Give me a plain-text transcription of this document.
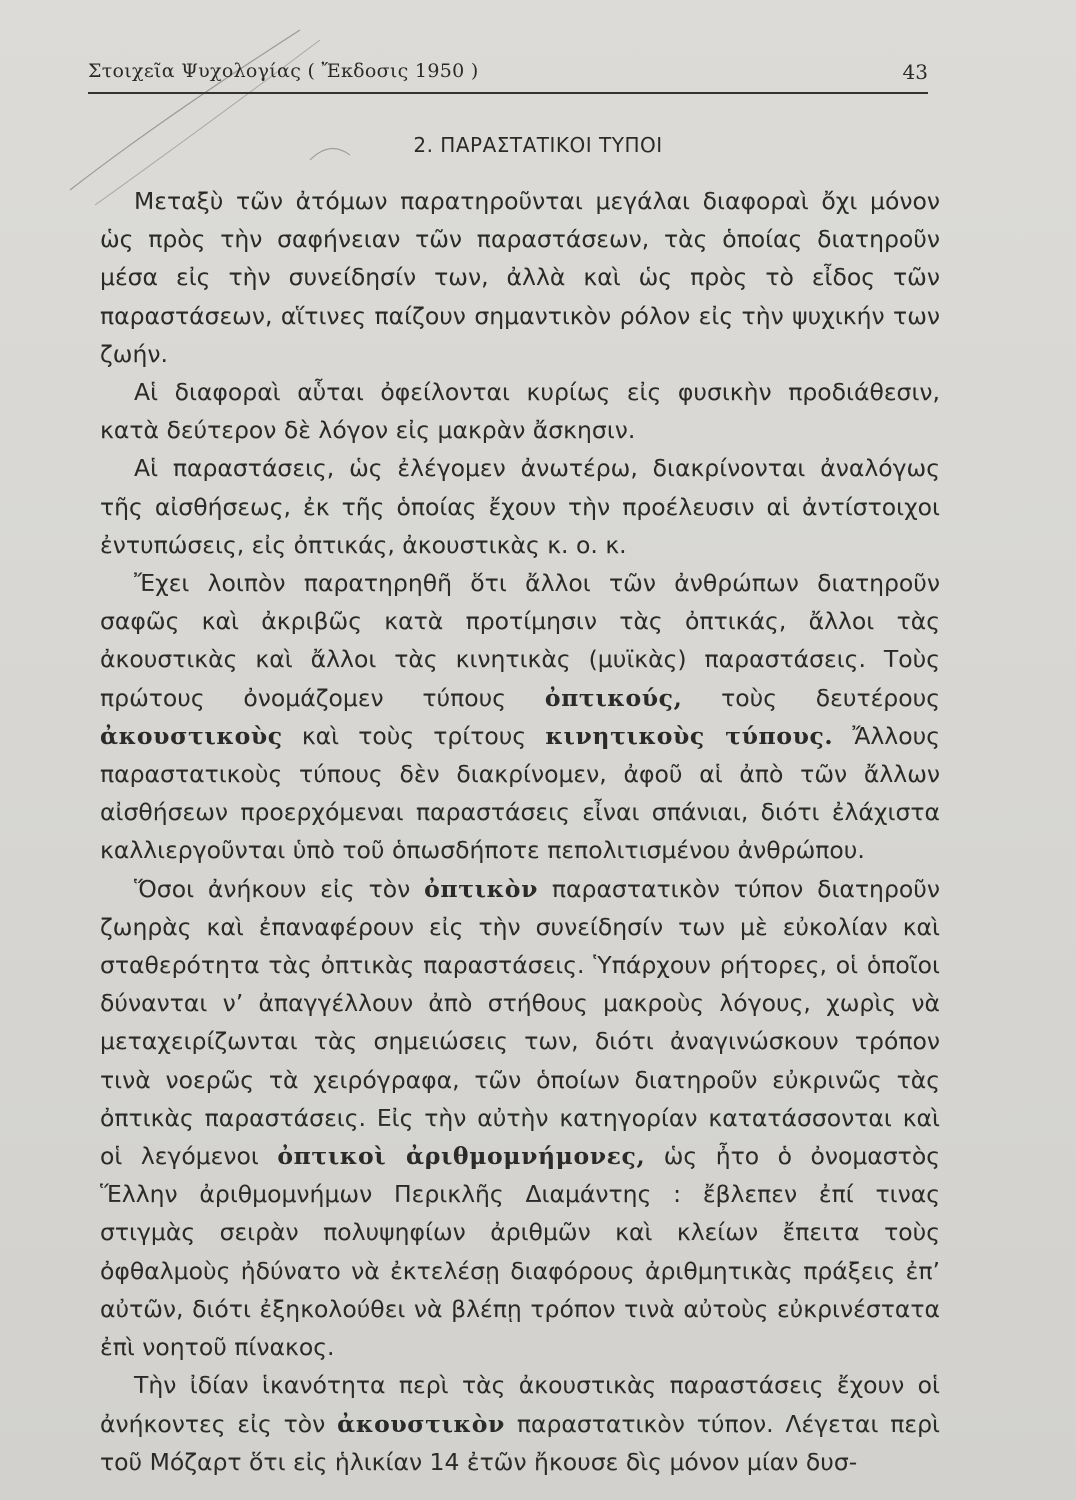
Στοιχεῖα Ψυχολογίας ( Ἔκδοσις 1950 )	43
2. ΠΑΡΑΣΤΑΤΙΚΟΙ ΤΥΠΟΙ

Μεταξὺ τῶν ἀτόμων παρατηροῦνται μεγάλαι διαφοραὶ ὄχι μόνον ὡς πρὸς τὴν σαφήνειαν τῶν παραστάσεων, τὰς ὁποίας διατηροῦν μέσα εἰς τὴν συνείδησίν των, ἀλλὰ καὶ ὡς πρὸς τὸ εἶδος τῶν παραστάσεων, αἵτινες παίζουν σημαντικὸν ρόλον εἰς τὴν ψυχικήν των ζωήν.

Αἱ διαφοραὶ αὗται ὀφείλονται κυρίως εἰς φυσικὴν προδιάθεσιν, κατὰ δεύτερον δὲ λόγον εἰς μακρὰν ἄσκησιν.

Αἱ παραστάσεις, ὡς ἐλέγομεν ἀνωτέρω, διακρίνονται ἀναλόγως τῆς αἰσθήσεως, ἐκ τῆς ὁποίας ἔχουν τὴν προέλευσιν αἱ ἀντίστοιχοι ἐντυπώσεις, εἰς ὀπτικάς, ἀκουστικὰς κ. ο. κ.

Ἔχει λοιπὸν παρατηρηθῆ ὅτι ἄλλοι τῶν ἀνθρώπων διατηροῦν σαφῶς καὶ ἀκριβῶς κατὰ προτίμησιν τὰς ὀπτικάς, ἄλλοι τὰς ἀκουστικὰς καὶ ἄλλοι τὰς κινητικὰς (μυϊκὰς) παραστάσεις. Τοὺς πρώτους ὀνομάζομεν τύπους ὀπτικούς, τοὺς δευτέρους ἀκουστικοὺς καὶ τοὺς τρίτους κινητικοὺς τύπους. Ἄλλους παραστατικοὺς τύπους δὲν διακρίνομεν, ἀφοῦ αἱ ἀπὸ τῶν ἄλλων αἰσθήσεων προερχόμεναι παραστάσεις εἶναι σπάνιαι, διότι ἐλάχιστα καλλιεργοῦνται ὑπὸ τοῦ ὁπωσδήποτε πεπολιτισμένου ἀνθρώπου.

Ὅσοι ἀνήκουν εἰς τὸν ὀπτικὸν παραστατικὸν τύπον διατηροῦν ζωηρὰς καὶ ἐπαναφέρουν εἰς τὴν συνείδησίν των μὲ εὐκολίαν καὶ σταθερότητα τὰς ὀπτικὰς παραστάσεις. Ὑπάρχουν ρήτορες, οἱ ὁποῖοι δύνανται ν’ ἀπαγγέλλουν ἀπὸ στήθους μακροὺς λόγους, χωρὶς νὰ μεταχειρίζωνται τὰς σημειώσεις των, διότι ἀναγινώσκουν τρόπον τινὰ νοερῶς τὰ χειρόγραφα, τῶν ὁποίων διατηροῦν εὐκρινῶς τὰς ὀπτικὰς παραστάσεις. Εἰς τὴν αὐτὴν κατηγορίαν κατατάσσονται καὶ οἱ λεγόμενοι ὀπτικοὶ ἀριθμομνήμονες, ὡς ἦτο ὁ ὀνομαστὸς Ἕλλην ἀριθμομνήμων Περικλῆς Διαμάντης : ἔβλεπεν ἐπί τινας στιγμὰς σειρὰν πολυψηφίων ἀριθμῶν καὶ κλείων ἔπειτα τοὺς ὀφθαλμοὺς ἠδύνατο νὰ ἐκτελέσῃ διαφόρους ἀριθμητικὰς πράξεις ἐπ’ αὐτῶν, διότι ἐξηκολούθει νὰ βλέπῃ τρόπον τινὰ αὐτοὺς εὐκρινέστατα ἐπὶ νοητοῦ πίνακος.

Τὴν ἰδίαν ἱκανότητα περὶ τὰς ἀκουστικὰς παραστάσεις ἔχουν οἱ ἀνήκοντες εἰς τὸν ἀκουστικὸν παραστατικὸν τύπον. Λέγεται περὶ τοῦ Μόζαρτ ὅτι εἰς ἡλικίαν 14 ἐτῶν ἤκουσε δὶς μόνον μίαν δυσ-
